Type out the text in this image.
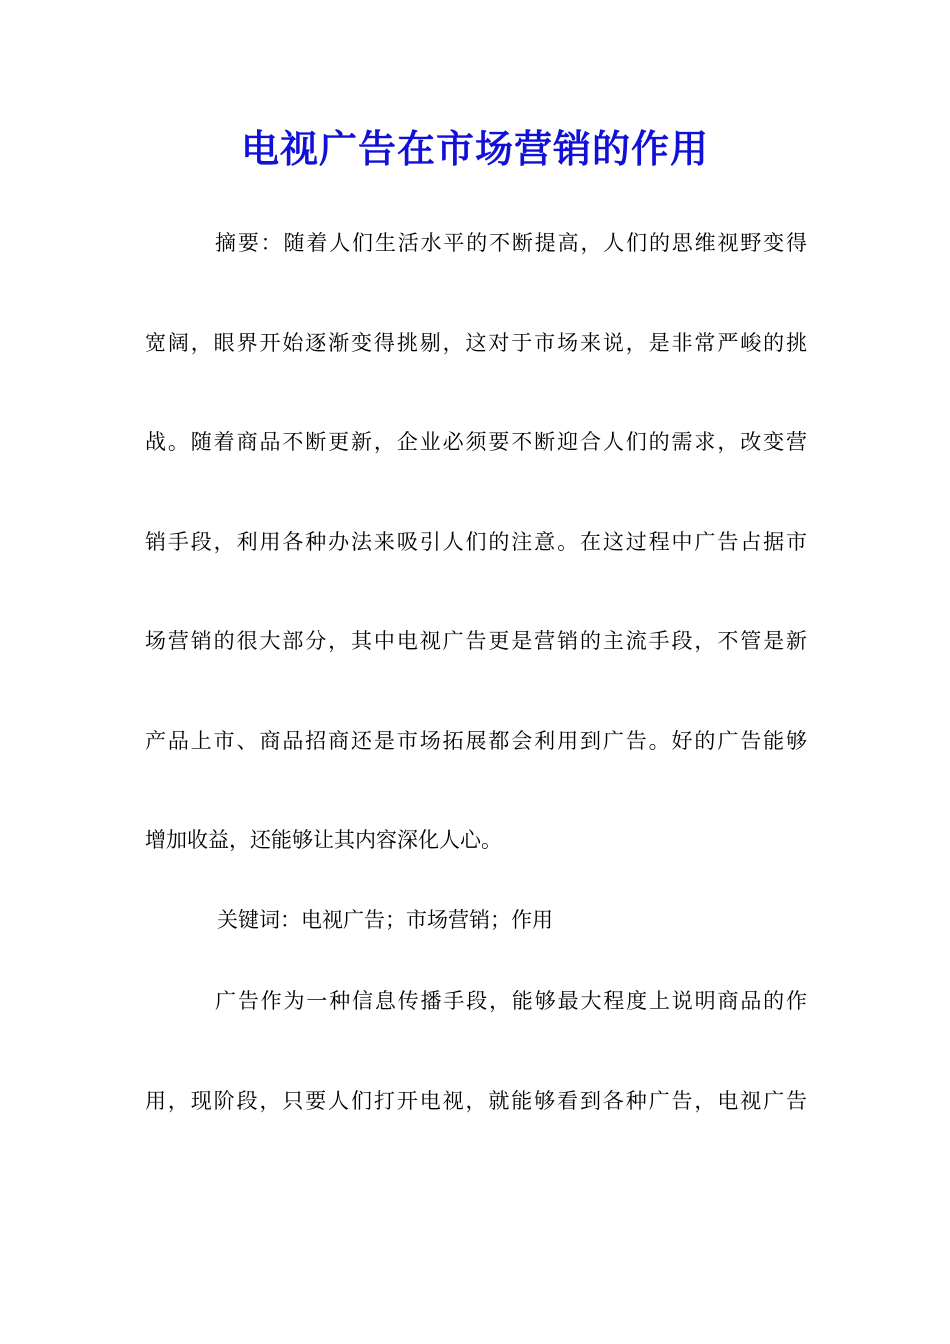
电视广告在市场营销的作用
摘要：随着人们生活水平的不断提高，人们的思维视野变得
宽阔，眼界开始逐渐变得挑剔，这对于市场来说，是非常严峻的挑
战。随着商品不断更新，企业必须要不断迎合人们的需求，改变营
销手段，利用各种办法来吸引人们的注意。在这过程中广告占据市
场营销的很大部分，其中电视广告更是营销的主流手段，不管是新
产品上市、商品招商还是市场拓展都会利用到广告。好的广告能够
增加收益，还能够让其内容深化人心。
关键词：电视广告；市场营销；作用
广告作为一种信息传播手段，能够最大程度上说明商品的作
用，现阶段，只要人们打开电视，就能够看到各种广告，电视广告
